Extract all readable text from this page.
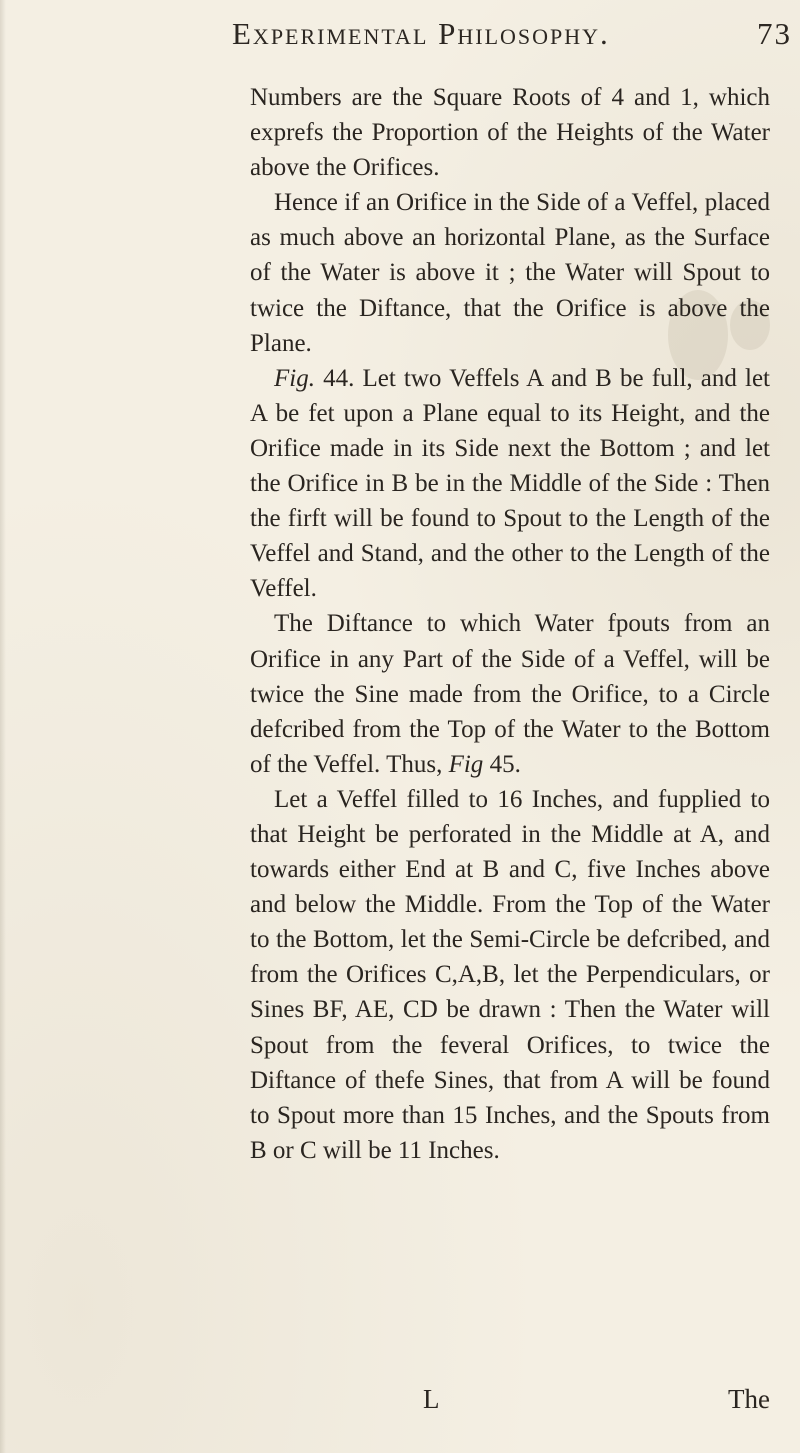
Experimental Philosophy.	73

Numbers are the Square Roots of 4 and 1, which exprefs the Proportion of the Heights of the Water above the Orifices.

Hence if an Orifice in the Side of a Veffel, placed as much above an horizontal Plane, as the Surface of the Water is above it ; the Water will Spout to twice the Diftance, that the Orifice is above the Plane.

Fig. 44. Let two Veffels A and B be full, and let A be fet upon a Plane equal to its Height, and the Orifice made in its Side next the Bottom ; and let the Orifice in B be in the Middle of the Side : Then the firft will be found to Spout to the Length of the Veffel and Stand, and the other to the Length of the Veffel.

The Diftance to which Water fpouts from an Orifice in any Part of the Side of a Veffel, will be twice the Sine made from the Orifice, to a Circle defcribed from the Top of the Water to the Bottom of the Veffel. Thus, Fig 45.

Let a Veffel filled to 16 Inches, and fupplied to that Height be perforated in the Middle at A, and towards either End at B and C, five Inches above and below the Middle. From the Top of the Water to the Bottom, let the Semi-Circle be defcribed, and from the Orifices C,A,B, let the Perpendiculars, or Sines BF, AE, CD be drawn : Then the Water will Spout from the feveral Orifices, to twice the Diftance of thefe Sines, that from A will be found to Spout more than 15 Inches, and the Spouts from B or C will be 11 Inches.

L	The
